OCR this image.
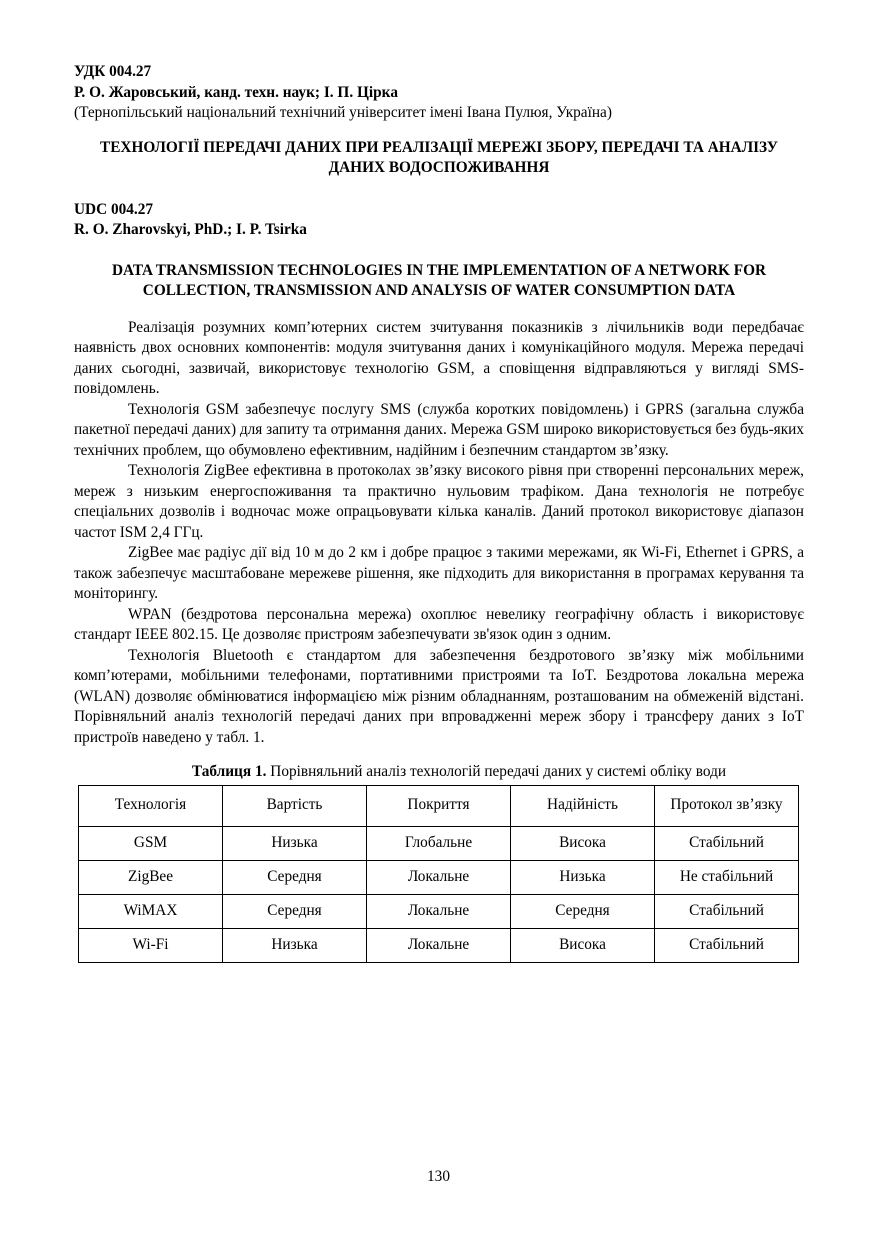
УДК 004.27

Р. О. Жаровський, канд. техн. наук; І. П. Ціркa

(Тернопільський національний технічний університет імені Івана Пулюя, Україна)

ТЕХНОЛОГІЇ ПЕРЕДАЧІ ДАНИХ ПРИ РЕАЛІЗАЦІЇ МЕРЕЖІ ЗБОРУ, ПЕРЕДАЧІ ТА АНАЛІЗУ ДАНИХ ВОДОСПОЖИВАННЯ

UDC 004.27

R. O. Zharovskyi, PhD.; I. P. Tsirka

DATA TRANSMISSION TECHNOLOGIES IN THE IMPLEMENTATION OF A NETWORK FOR COLLECTION, TRANSMISSION AND ANALYSIS OF WATER CONSUMPTION DATA

Реалізація розумних комп’ютерних систем зчитування показників з лічильників води передбачає наявність двох основних компонентів: модуля зчитування даних і комунікаційного модуля. Мережа передачі даних сьогодні, зазвичай, використовує технологію GSM, а сповіщення відправляються у вигляді SMS-повідомлень.

Технологія GSM забезпечує послугу SMS (служба коротких повідомлень) і GPRS (загальна служба пакетної передачі даних) для запиту та отримання даних. Мережа GSM широко використовується без будь-яких технічних проблем, що обумовлено ефективним, надійним і безпечним стандартом зв’язку.

Технологія ZigBee ефективна в протоколах зв’язку високого рівня при створенні персональних мереж, мереж з низьким енергоспоживання та практично нульовим трафіком. Дана технологія не потребує спеціальних дозволів і водночас може опрацьовувати кілька каналів. Даний протокол використовує діапазон частот ISM 2,4 ГГц.

ZigBee має радіус дії від 10 м до 2 км і добре працює з такими мережами, як Wi-Fi, Ethernet і GPRS, а також забезпечує масштабоване мережеве рішення, яке підходить для використання в програмах керування та моніторингу.

WPAN (бездротова персональна мережа) охоплює невелику географічну область і використовує стандарт IEEE 802.15. Це дозволяє пристроям забезпечувати зв'язок один з одним.

Технологія Bluetooth є стандартом для забезпечення бездротового зв’язку між мобільними комп’ютерами, мобільними телефонами, портативними пристроями та IoT. Бездротова локальна мережа (WLAN) дозволяє обмінюватися інформацією між різним обладнанням, розташованим на обмеженій відстані. Порівняльний аналіз технологій передачі даних при впровадженні мереж збору і трансферу даних з IoT пристроїв наведено у табл. 1.

Таблиця 1. Порівняльний аналіз технологій передачі даних у системі обліку води

Технологія	Вартість	Покриття	Надійність	Протокол зв’язку
GSM	Низька	Глобальне	Висока	Стабільний
ZigBee	Середня	Локальне	Низька	Не стабільний
WiMAX	Середня	Локальне	Середня	Стабільний
Wi-Fi	Низька	Локальне	Висока	Стабільний
130
